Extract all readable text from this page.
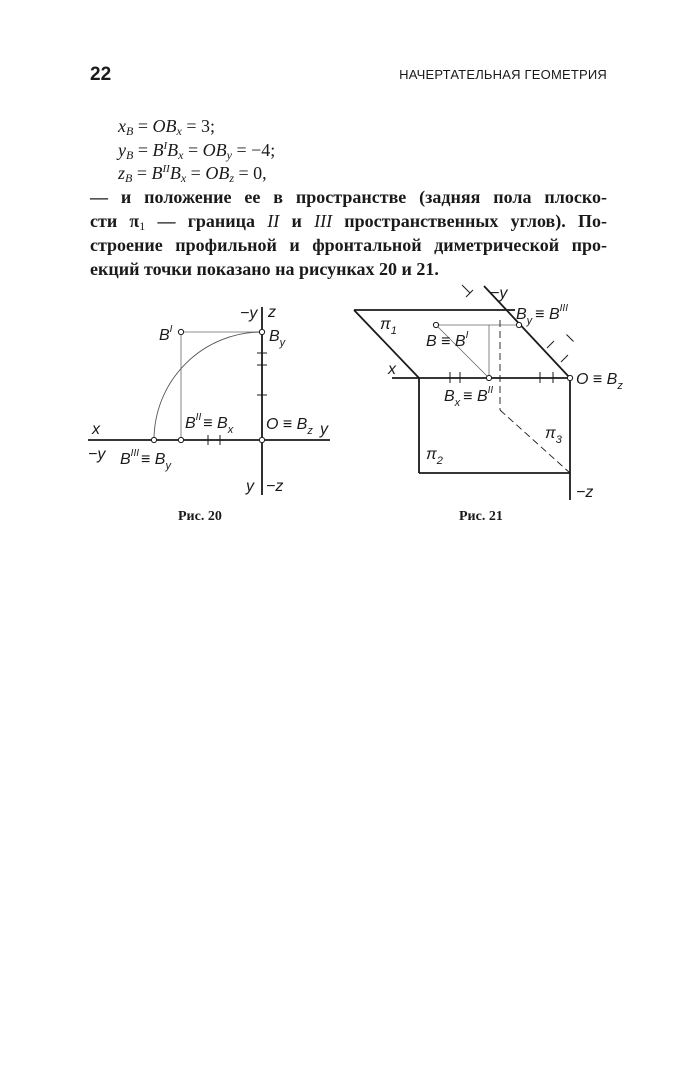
22	НАЧЕРТАТЕЛЬНАЯ ГЕОМЕТРИЯ
$x_B = OB_x = 3$;
$y_B = B^IB_x = OB_y = -4$;
$z_B = B^{II}B_x = OB_z = 0$,
— и положение ее в пространстве (задняя пола плоско-
сти $\pi_1$ — граница II и III пространственных углов). По-
строение профильной и фронтальной диметрической про-
екций точки показано на рисунках 20 и 21.
x
−y
y
−y z
y −z
$B^I$	$B_y$
$B^{II} \equiv B_x$ $O \equiv B_z$
$B^{III} \equiv B_y$
Рис. 20
−y
$\pi_1$
x
$B \equiv B^I$
$B_y \equiv B^{III}$
$O \equiv B_z$
$B_x \equiv B^{II}$
$\pi_3$
$\pi_2$
−z
Рис. 21
